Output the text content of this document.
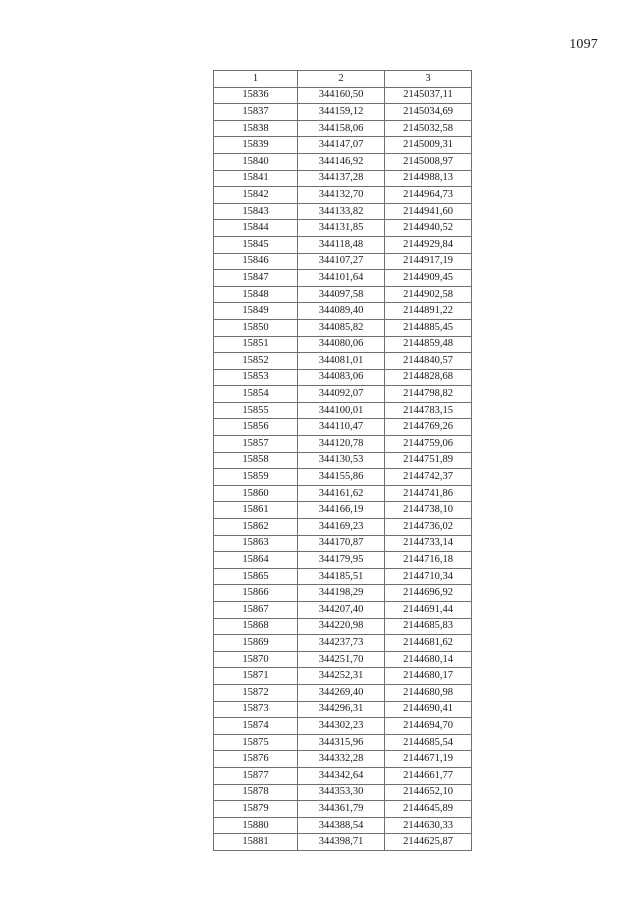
1097
1	2	3
15836	344160,50	2145037,11
15837	344159,12	2145034,69
15838	344158,06	2145032,58
15839	344147,07	2145009,31
15840	344146,92	2145008,97
15841	344137,28	2144988,13
15842	344132,70	2144964,73
15843	344133,82	2144941,60
15844	344131,85	2144940,52
15845	344118,48	2144929,84
15846	344107,27	2144917,19
15847	344101,64	2144909,45
15848	344097,58	2144902,58
15849	344089,40	2144891,22
15850	344085,82	2144885,45
15851	344080,06	2144859,48
15852	344081,01	2144840,57
15853	344083,06	2144828,68
15854	344092,07	2144798,82
15855	344100,01	2144783,15
15856	344110,47	2144769,26
15857	344120,78	2144759,06
15858	344130,53	2144751,89
15859	344155,86	2144742,37
15860	344161,62	2144741,86
15861	344166,19	2144738,10
15862	344169,23	2144736,02
15863	344170,87	2144733,14
15864	344179,95	2144716,18
15865	344185,51	2144710,34
15866	344198,29	2144696,92
15867	344207,40	2144691,44
15868	344220,98	2144685,83
15869	344237,73	2144681,62
15870	344251,70	2144680,14
15871	344252,31	2144680,17
15872	344269,40	2144680,98
15873	344296,31	2144690,41
15874	344302,23	2144694,70
15875	344315,96	2144685,54
15876	344332,28	2144671,19
15877	344342,64	2144661,77
15878	344353,30	2144652,10
15879	344361,79	2144645,89
15880	344388,54	2144630,33
15881	344398,71	2144625,87
